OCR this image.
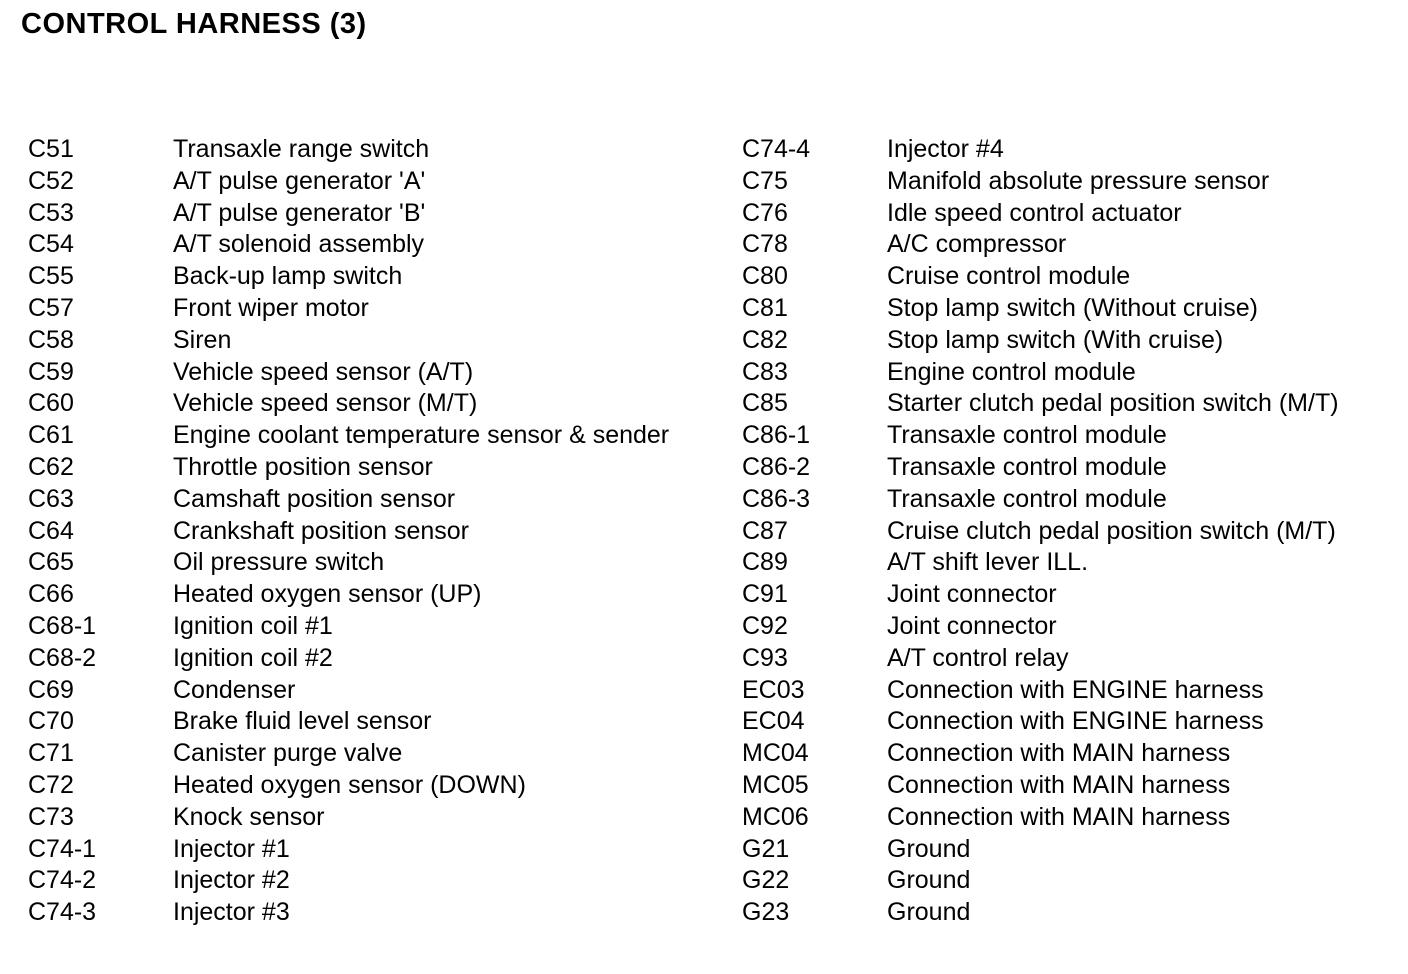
CONTROL HARNESS (3)
C51	Transaxle range switch
C52	A/T pulse generator 'A'
C53	A/T pulse generator 'B'
C54	A/T solenoid assembly
C55	Back-up lamp switch
C57	Front wiper motor
C58	Siren
C59	Vehicle speed sensor (A/T)
C60	Vehicle speed sensor (M/T)
C61	Engine coolant temperature sensor & sender
C62	Throttle position sensor
C63	Camshaft position sensor
C64	Crankshaft position sensor
C65	Oil pressure switch
C66	Heated oxygen sensor (UP)
C68-1	Ignition coil #1
C68-2	Ignition coil #2
C69	Condenser
C70	Brake fluid level sensor
C71	Canister purge valve
C72	Heated oxygen sensor (DOWN)
C73	Knock sensor
C74-1	Injector #1
C74-2	Injector #2
C74-3	Injector #3
C74-4	Injector #4
C75	Manifold absolute pressure sensor
C76	Idle speed control actuator
C78	A/C compressor
C80	Cruise control module
C81	Stop lamp switch (Without cruise)
C82	Stop lamp switch (With cruise)
C83	Engine control module
C85	Starter clutch pedal position switch (M/T)
C86-1	Transaxle control module
C86-2	Transaxle control module
C86-3	Transaxle control module
C87	Cruise clutch pedal position switch (M/T)
C89	A/T shift lever ILL.
C91	Joint connector
C92	Joint connector
C93	A/T control relay
EC03	Connection with ENGINE harness
EC04	Connection with ENGINE harness
MC04	Connection with MAIN harness
MC05	Connection with MAIN harness
MC06	Connection with MAIN harness
G21	Ground
G22	Ground
G23	Ground
